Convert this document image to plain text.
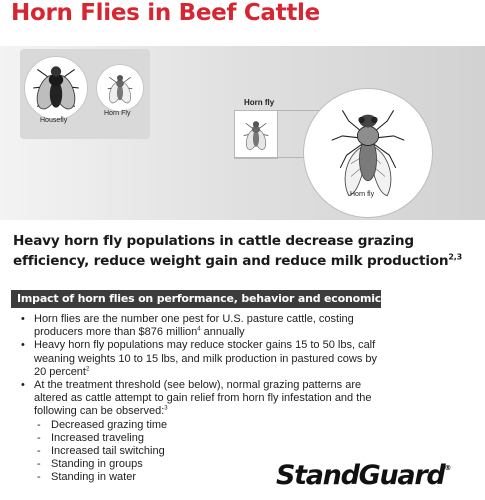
Horn Flies in Beef Cattle
Housefly
Horn Fly
Horn fly
Horn fly
Heavy horn fly populations in cattle decrease grazing efficiency, reduce weight gain and reduce milk production$^{2,3}$
Impact of horn flies on performance, behavior and economics
• Horn flies are the number one pest for U.S. pasture cattle, costing producers more than $876 million$^4$ annually
• Heavy horn fly populations may reduce stocker gains 15 to 50 lbs, calf weaning weights 10 to 15 lbs, and milk production in pastured cows by 20 percent$^2$
• At the treatment threshold (see below), normal grazing patterns are altered as cattle attempt to gain relief from horn fly infestation and the following can be observed:$^3$
- Decreased grazing time
- Increased traveling
- Increased tail switching
- Standing in groups
- Standing in water	StandGuard®
